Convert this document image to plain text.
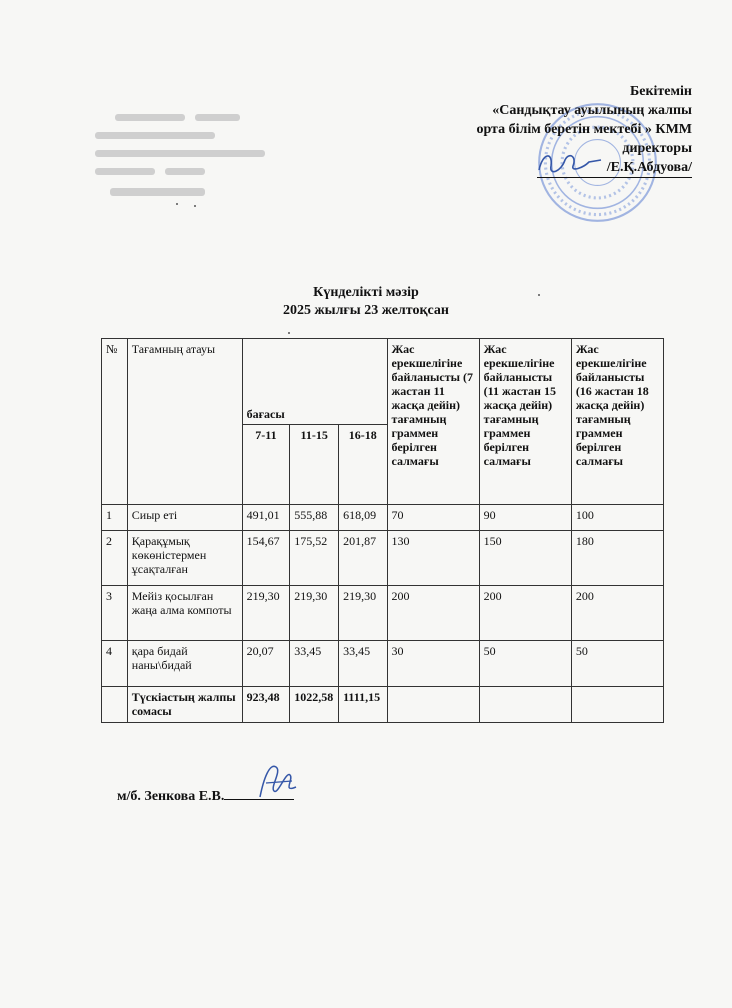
Бекітемін
«Сандықтау ауылының жалпы
орта білім беретін мектебі » КММ
директоры
/Е.Қ.Абдуова/
Күнделікті мәзір
2025 жылғы 23 желтоқсан
№	Тағамның атауы	бағасы			Жас ерекшелігіне байланысты (7 жастан 11 жасқа дейін) тағамның граммен берілген салмағы	Жас ерекшелігіне байланысты (11 жастан 15 жасқа дейін) тағамның граммен берілген салмағы	Жас ерекшелігіне байланысты (16 жастан 18 жасқа дейін) тағамның граммен берілген салмағы
		7-11	11-15	16-18			
1	Сиыр еті	491,01	555,88	618,09	70	90	100
2	Қарақұмық көкөністермен ұсақталған	154,67	175,52	201,87	130	150	180
3	Мейіз қосылған жаңа алма компоты	219,30	219,30	219,30	200	200	200
4	қара бидай наны\бидай	20,07	33,45	33,45	30	50	50
	Түскіастың жалпы сомасы	923,48	1022,58	1111,15			
м/б. Зенкова Е.В.
